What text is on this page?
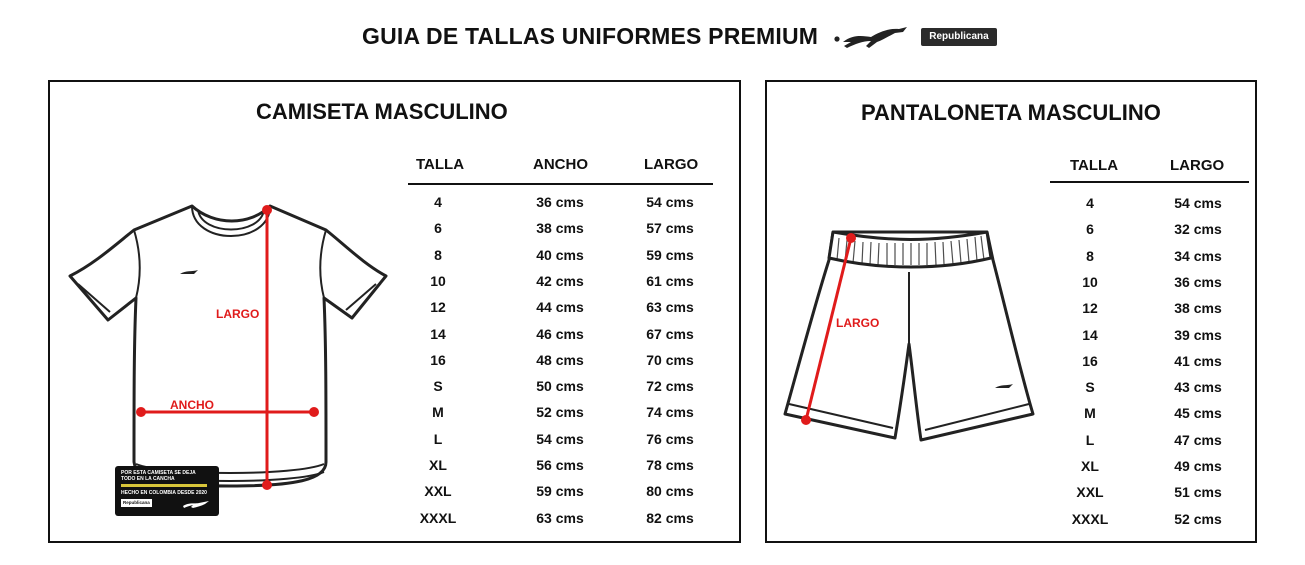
GUIA DE TALLAS UNIFORMES PREMIUM	Republicana
CAMISETA MASCULINO
LARGO
ANCHO
POR ESTA CAMISETA SE DEJA
TODO EN LA CANCHA
HECHO EN COLOMBIA DESDE 2020
Republicana
TALLA	ANCHO	LARGO
4	36 cms	54 cms
6	38 cms	57 cms
8	40 cms	59 cms
10	42 cms	61 cms
12	44 cms	63 cms
14	46 cms	67 cms
16	48 cms	70 cms
S	50 cms	72 cms
M	52 cms	74 cms
L	54 cms	76 cms
XL	56 cms	78 cms
XXL	59 cms	80 cms
XXXL	63 cms	82 cms
PANTALONETA MASCULINO
LARGO
TALLA	LARGO
4	54 cms
6	32 cms
8	34 cms
10	36 cms
12	38 cms
14	39 cms
16	41 cms
S	43 cms
M	45 cms
L	47 cms
XL	49 cms
XXL	51 cms
XXXL	52 cms
